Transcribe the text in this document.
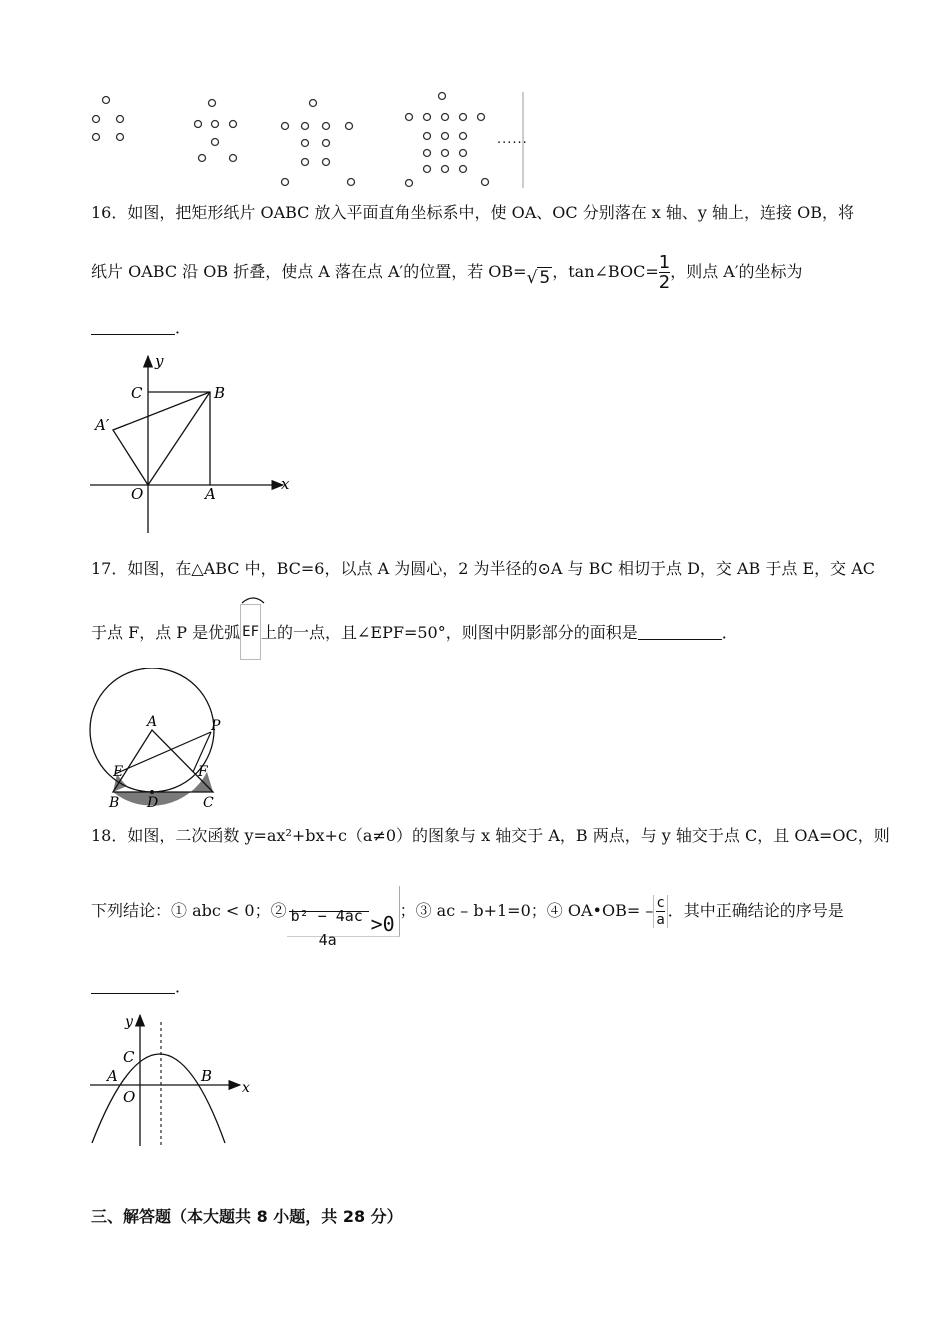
......
16．如图，把矩形纸片 OABC 放入平面直角坐标系中，使 OA、OC 分别落在 x 轴、y 轴上，连接 OB，将
纸片 OABC 沿 OB 折叠，使点 A 落在点 A′的位置，若 OB=√ 5 ，tan∠BOC= $\frac{1}{2}$ ，则点 A′的坐标为
．
y
x
C	B
A′
O	A
17．如图，在△ABC 中，BC=6，以点 A 为圆心，2 为半径的⊙A 与 BC 相切于点 D，交 AB 于点 E，交 AC
于点 F，点 P 是优弧 EF 上的一点，且∠EPF=50°，则图中阴影部分的面积是	．
A	P
E	F
B D	C
18．如图，二次函数 y=ax²+bx+c（a≠0）的图象与 x 轴交于 A，B 两点，与 y 轴交于点 C，且 OA=OC，则
下列结论：① abc < 0；② b² − 4ac
4a
>0
；③ ac – b+1=0；④ OA•OB= – $\frac{c}{a}$ ．其中正确结论的序号是
．
y
x
C
A	B
O
三、解答题（本大题共 8 小题，共 28 分）
